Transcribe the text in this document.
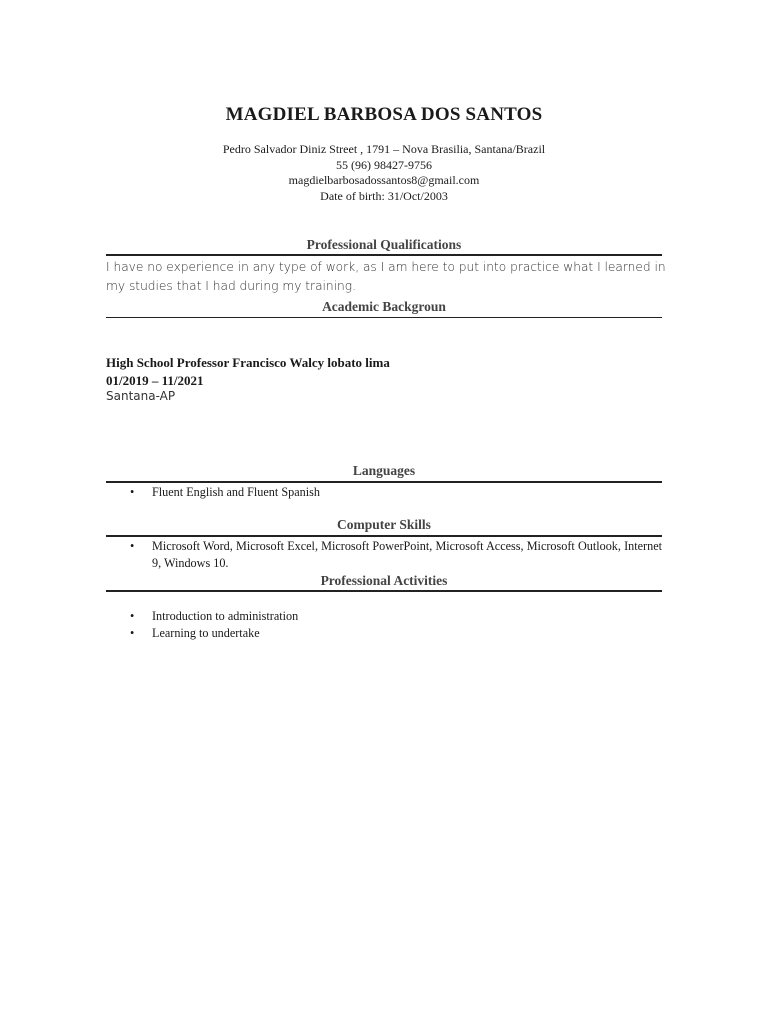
MAGDIEL BARBOSA DOS SANTOS
Pedro Salvador Diniz Street , 1791 – Nova Brasilia, Santana/Brazil
55 (96) 98427-9756
magdielbarbosadossantos8@gmail.com
Date of birth: 31/Oct/2003
Professional Qualifications
I have no experience in any type of work, as I am here to put into practice what I learned in my studies that I had during my training.
Academic Backgroun
High School Professor Francisco Walcy lobato lima
01/2019 – 11/2021
Santana-AP
Languages
• Fluent English and Fluent Spanish
Computer Skills
• Microsoft Word, Microsoft Excel, Microsoft PowerPoint, Microsoft Access, Microsoft Outlook, Internet 9, Windows 10.
Professional Activities
• Introduction to administration
• Learning to undertake
